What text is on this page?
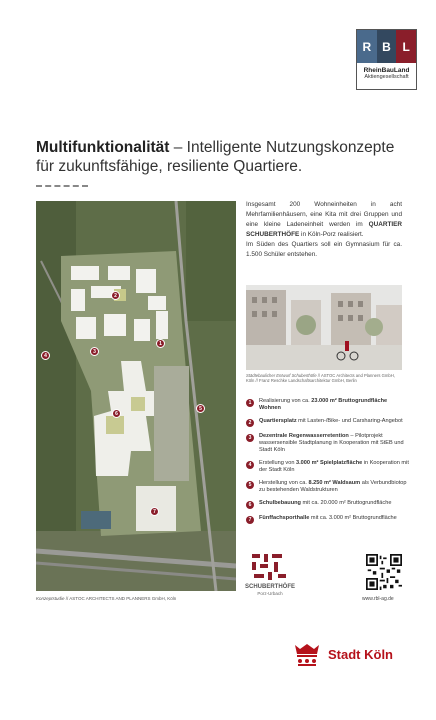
R B L
RheinBauLand
Aktiengesellschaft
Multifunktionalität – Intelligente Nutzungskonzepte für zukunftsfähige, resiliente Quartiere.
2
1
3
4
5
6
7
Konzeptstudie // ASTOC ARCHITECTS AND PLANNERS GmbH, Köln
Insgesamt 200 Wohneinheiten in acht Mehrfamilienhäusern, eine Kita mit drei Gruppen und eine kleine Ladeneinheit werden im QUARTIER SCHUBERTHÖFE in Köln-Porz realisiert.
Im Süden des Quartiers soll ein Gymnasium für ca. 1.500 Schüler entstehen.
Städtebaulicher Entwurf Schuberthöfe // ASTOC Architects and Planners GmbH, Köln // Franz Reschke Landschaftsarchitektur GmbH, Berlin
1	Realisierung von ca. 23.000 m² Bruttogrundfläche Wohnen
2	Quartiersplatz mit Lasten-/Bike- und Carsharing-Angebot
3	Dezentrale Regenwasserretention – Pilotprojekt wassersensible Stadtplanung in Kooperation mit StEB und Stadt Köln
4	Erstellung von 3.000 m² Spielplatzfläche in Kooperation mit der Stadt Köln
5	Herstellung von ca. 8.250 m² Waldsaum als Verbundbiotop zu bestehenden Waldstrukturen
6	Schulbebauung mit ca. 20.000 m² Bruttogrundfläche
7	Fünffachsporthalle mit ca. 3.000 m² Bruttogrundfläche
SCHUBERTHÖFE
Porz-Urbach
www.rbl-ag.de
Stadt Köln
